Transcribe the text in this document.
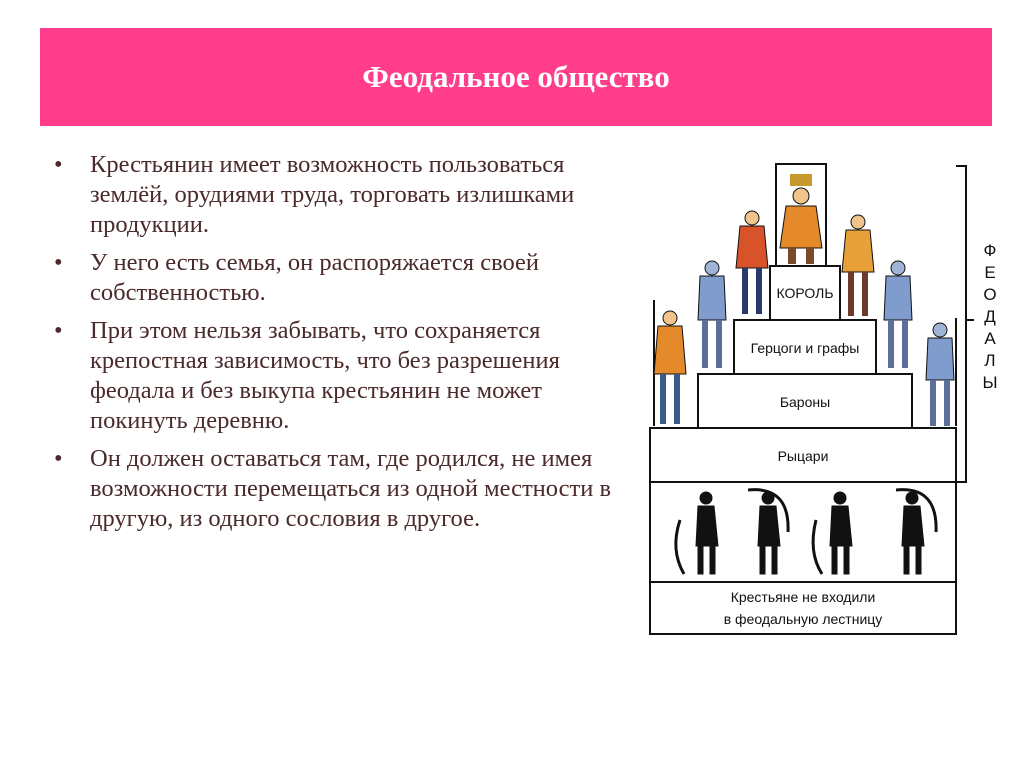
Феодальное общество
• Крестьянин имеет возможность пользоваться землёй, орудиями труда, торговать излишками продукции.
• У него есть семья, он распоряжается своей собственностью.
• При этом нельзя забывать, что сохраняется крепостная зависимость, что без разрешения феодала и без выкупа крестьянин не может покинуть деревню.
• Он должен оставаться там, где родился, не имея возможности перемещаться из одной местности в другую, из одного сословия в другое.
КОРОЛЬ
Герцоги и графы
Бароны
Рыцари
Крестьяне не входили
в феодальную лестницу
Ф
Е
О
Д
А
Л
Ы
